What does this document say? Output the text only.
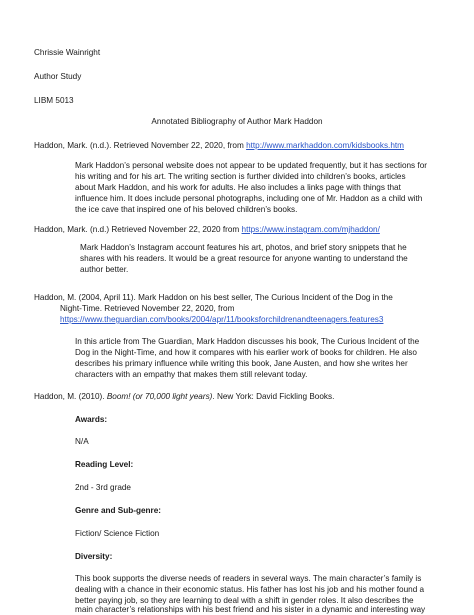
Chrissie Wainright
Author Study
LIBM 5013
Annotated Bibliography of Author Mark Haddon
Haddon, Mark. (n.d.). Retrieved November 22, 2020, from http://www.markhaddon.com/kidsbooks.htm
Mark Haddon’s personal website does not appear to be updated frequently, but it has sections for
his writing and for his art. The writing section is further divided into children’s books, articles
about Mark Haddon, and his work for adults. He also includes a links page with things that
influence him. It does include personal photographs, including one of Mr. Haddon as a child with
the ice cave that inspired one of his beloved children’s books.
Haddon, Mark. (n.d.) Retrieved November 22, 2020 from https://www.instagram.com/mjhaddon/
Mark Haddon’s Instagram account features his art, photos, and brief story snippets that he
shares with his readers. It would be a great resource for anyone wanting to understand the
author better.
Haddon, M. (2004, April 11). Mark Haddon on his best seller, The Curious Incident of the Dog in the
Night-Time. Retrieved November 22, 2020, from
https://www.theguardian.com/books/2004/apr/11/booksforchildrenandteenagers.features3
In this article from The Guardian, Mark Haddon discusses his book, The Curious Incident of the
Dog in the Night-Time, and how it compares with his earlier work of books for children. He also
describes his primary influence while writing this book, Jane Austen, and how she writes her
characters with an empathy that makes them still relevant today.
Haddon, M. (2010). Boom! (or 70,000 light years). New York: David Fickling Books.
Awards:
N/A
Reading Level:
2nd - 3rd grade
Genre and Sub-genre:
Fiction/ Science Fiction
Diversity:
This book supports the diverse needs of readers in several ways. The main character’s family is
dealing with a chance in their economic status. His father has lost his job and his mother found a
better paying job, so they are learning to deal with a shift in gender roles. It also describes the
main character’s relationships with his best friend and his sister in a dynamic and interesting way
